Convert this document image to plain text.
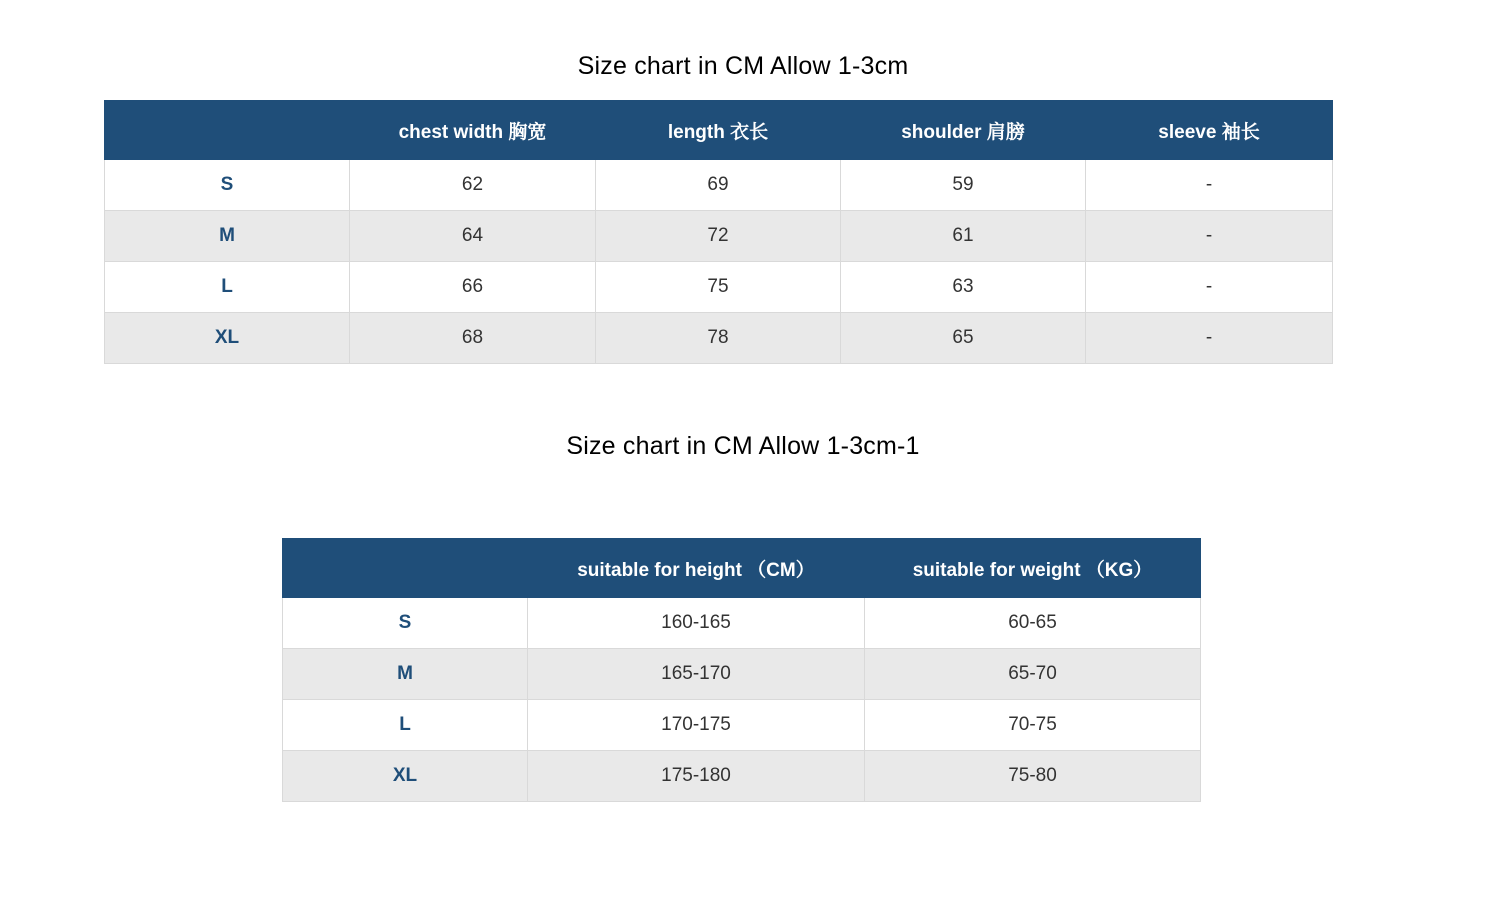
Size chart in CM Allow 1-3cm
	chest width 胸宽	length 衣长	shoulder 肩膀	sleeve 袖长
S	62	69	59	-
M	64	72	61	-
L	66	75	63	-
XL	68	78	65	-
Size chart in CM Allow 1-3cm-1
	suitable for height （CM）	suitable for weight （KG）
S	160-165	60-65
M	165-170	65-70
L	170-175	70-75
XL	175-180	75-80
